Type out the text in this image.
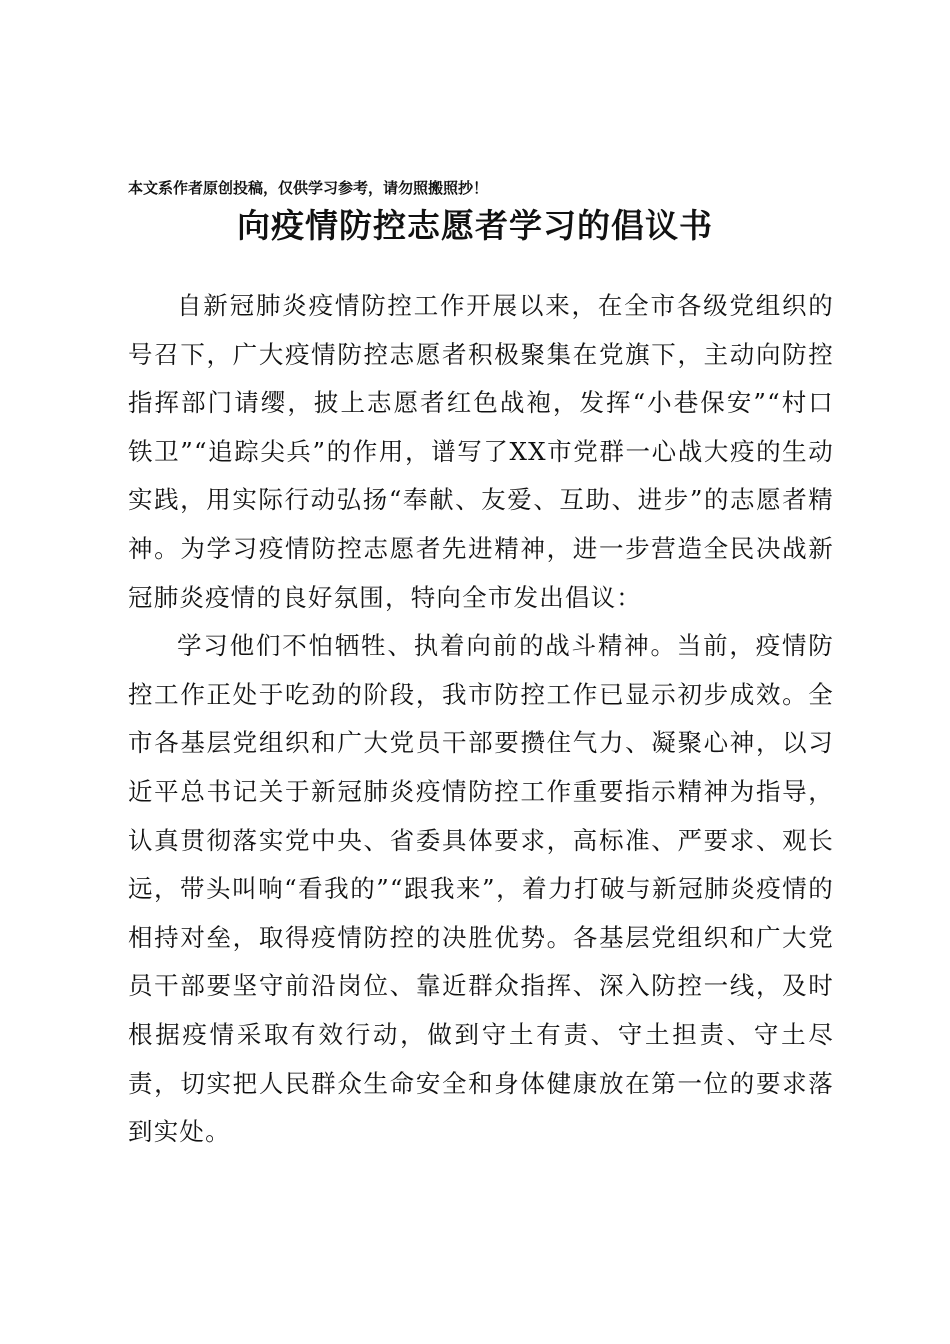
本文系作者原创投稿，仅供学习参考，请勿照搬照抄！
向疫情防控志愿者学习的倡议书

自新冠肺炎疫情防控工作开展以来，在全市各级党组织的号召下，广大疫情防控志愿者积极聚集在党旗下，主动向防控指挥部门请缨，披上志愿者红色战袍，发挥“小巷保安”“村口铁卫”“追踪尖兵”的作用，谱写了XX市党群一心战大疫的生动实践，用实际行动弘扬“奉献、友爱、互助、进步”的志愿者精神。为学习疫情防控志愿者先进精神，进一步营造全民决战新冠肺炎疫情的良好氛围，特向全市发出倡议：

学习他们不怕牺牲、执着向前的战斗精神。当前，疫情防控工作正处于吃劲的阶段，我市防控工作已显示初步成效。全市各基层党组织和广大党员干部要攒住气力、凝聚心神，以习近平总书记关于新冠肺炎疫情防控工作重要指示精神为指导，认真贯彻落实党中央、省委具体要求，高标准、严要求、观长远，带头叫响“看我的”“跟我来”，着力打破与新冠肺炎疫情的相持对垒，取得疫情防控的决胜优势。各基层党组织和广大党员干部要坚守前沿岗位、靠近群众指挥、深入防控一线，及时根据疫情采取有效行动，做到守土有责、守土担责、守土尽责，切实把人民群众生命安全和身体健康放在第一位的要求落到实处。
